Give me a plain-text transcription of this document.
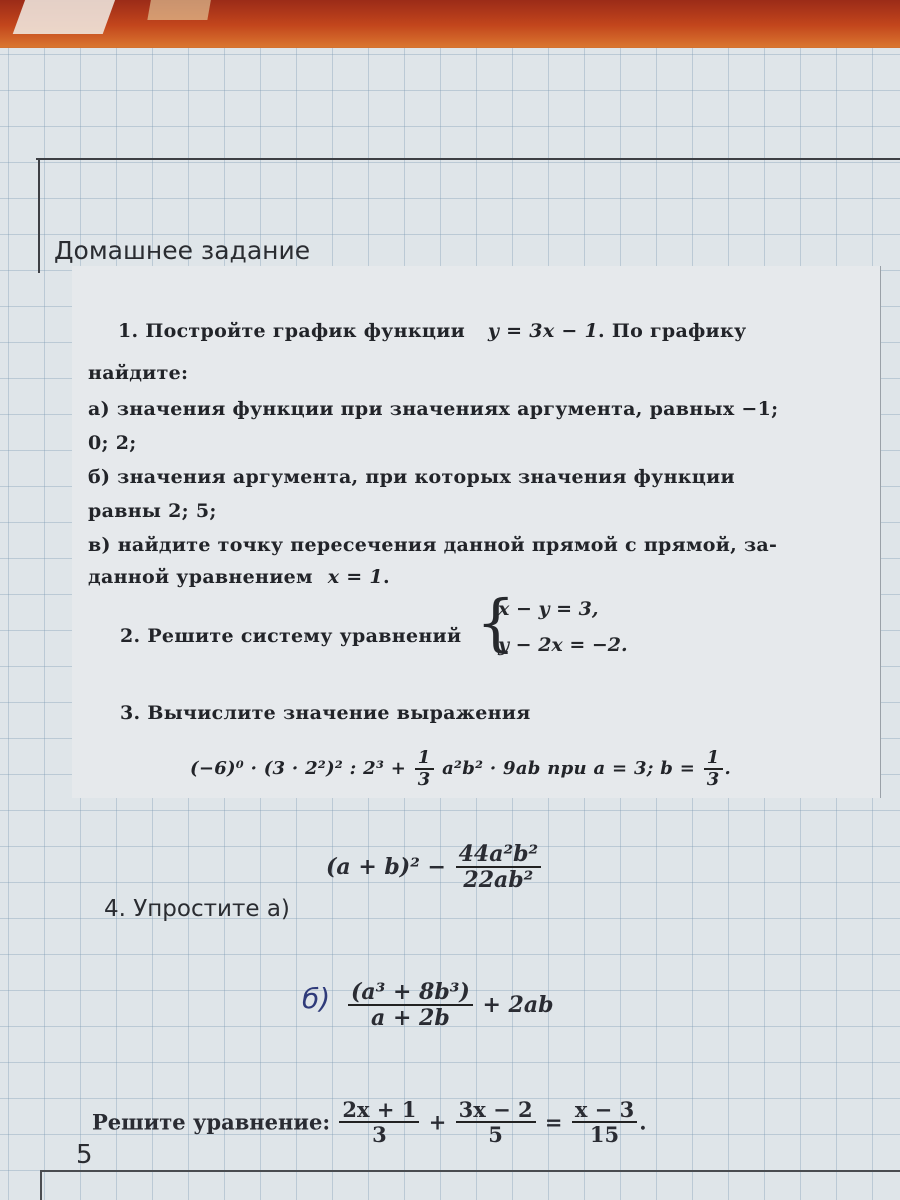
Домашнее задание
1. Постройте график функции y = 3x − 1. По графику
найдите:
а) значения функции при значениях аргумента, равных −1;
0; 2;
б) значения аргумента, при которых значения функции
равны 2; 5;
в) найдите точку пересечения данной прямой с прямой, за-
данной уравнением x = 1.
2. Решите систему уравнений {
x − y = 3,
y − 2x = −2.
3. Вычислите значение выражения
(−6)⁰ · (3 · 2²)² : $2^3 + \frac{1}{3} a^2b^2 \cdot 9ab$ при a = 3; $b = \frac{1}{3}$ .
4. Упростите а)
$(a + b)^2 - \frac{\text{44a²b²}}{\text{22ab²}}$
$б) \frac{\text{(a³ + 8b³)}}{a + 2b} + 2ab$
Решите уравнение: $\frac{2x + 1}{3} + \frac{3x - 2}{5} = \frac{x - 3}{15}$ .
5
